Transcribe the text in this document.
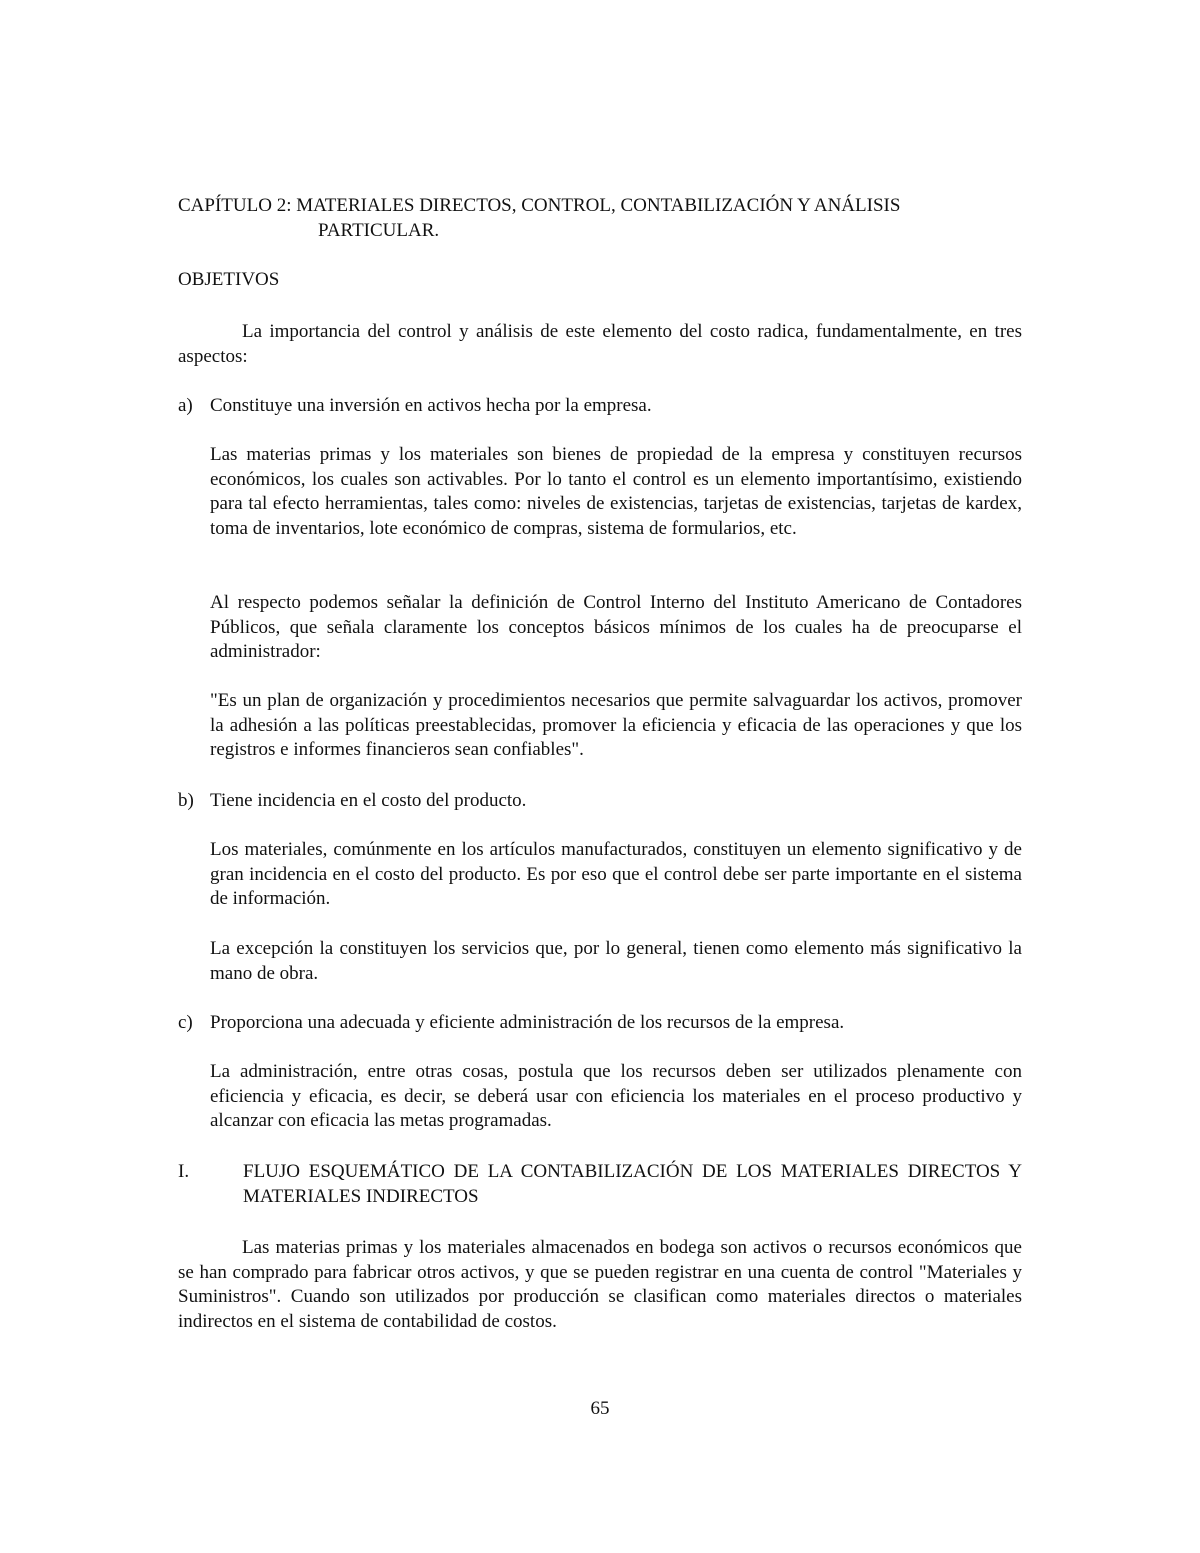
CAPÍTULO 2: MATERIALES DIRECTOS, CONTROL, CONTABILIZACIÓN Y ANÁLISIS
PARTICULAR.
OBJETIVOS

La importancia del control y análisis de este elemento del costo radica, fundamentalmente, en tres aspectos:

a) Constituye una inversión en activos hecha por la empresa.

Las materias primas y los materiales son bienes de propiedad de la empresa y constituyen recursos económicos, los cuales son activables. Por lo tanto el control es un elemento importantísimo, existiendo para tal efecto herramientas, tales como: niveles de existencias, tarjetas de existencias, tarjetas de kardex, toma de inventarios, lote económico de compras, sistema de formularios, etc.

Al respecto podemos señalar la definición de Control Interno del Instituto Americano de Contadores Públicos, que señala claramente los conceptos básicos mínimos de los cuales ha de preocuparse el administrador:

"Es un plan de organización y procedimientos necesarios que permite salvaguardar los activos, promover la adhesión a las políticas preestablecidas, promover la eficiencia y eficacia de las operaciones y que los registros e informes financieros sean confiables".

b) Tiene incidencia en el costo del producto.

Los materiales, comúnmente en los artículos manufacturados, constituyen un elemento significativo y de gran incidencia en el costo del producto. Es por eso que el control debe ser parte importante en el sistema de información.

La excepción la constituyen los servicios que, por lo general, tienen como elemento más significativo la mano de obra.

c) Proporciona una adecuada y eficiente administración de los recursos de la empresa.

La administración, entre otras cosas, postula que los recursos deben ser utilizados plenamente con eficiencia y eficacia, es decir, se deberá usar con eficiencia los materiales en el proceso productivo y alcanzar con eficacia las metas programadas.

I.	FLUJO ESQUEMÁTICO DE LA CONTABILIZACIÓN DE LOS MATERIALES DIRECTOS Y MATERIALES INDIRECTOS

Las materias primas y los materiales almacenados en bodega son activos o recursos económicos que se han comprado para fabricar otros activos, y que se pueden registrar en una cuenta de control "Materiales y Suministros". Cuando son utilizados por producción se clasifican como materiales directos o materiales indirectos en el sistema de contabilidad de costos.

65
